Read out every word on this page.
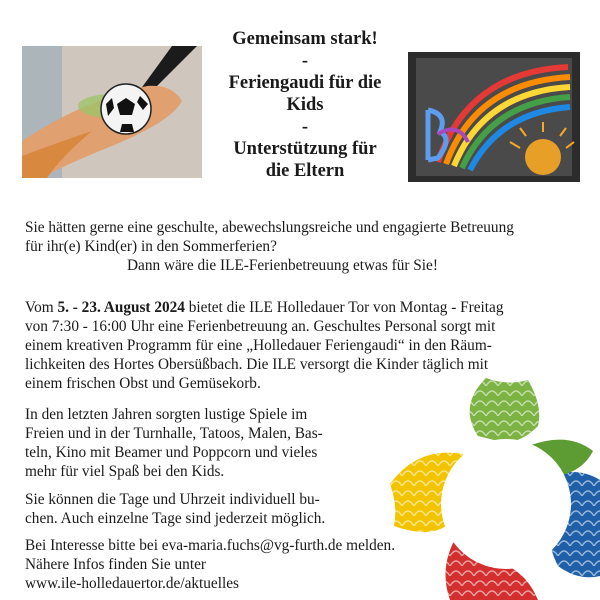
Gemeinsam stark!
-
Feriengaudi für die
Kids
-
Unterstützung für
die Eltern
Sie hätten gerne eine geschulte, abewechslungsreiche und engagierte Betreuung
für ihr(e) Kind(er) in den Sommerferien?
Dann wäre die ILE-Ferienbetreuung etwas für Sie!
Vom 5. - 23. August 2024 bietet die ILE Holledauer Tor von Montag - Freitag
von 7:30 - 16:00 Uhr eine Ferienbetreuung an. Geschultes Personal sorgt mit
einem kreativen Programm für eine „Holledauer Feriengaudi“ in den Räum-
lichkeiten des Hortes Obersüßbach. Die ILE versorgt die Kinder täglich mit
einem frischen Obst und Gemüsekorb.
In den letzten Jahren sorgten lustige Spiele im
Freien und in der Turnhalle, Tatoos, Malen, Bas-
teln, Kino mit Beamer und Poppcorn und vieles
mehr für viel Spaß bei den Kids.
Sie können die Tage und Uhrzeit individuell bu-
chen. Auch einzelne Tage sind jederzeit möglich.
Bei Interesse bitte bei eva-maria.fuchs@vg-furth.de melden.
Nähere Infos finden Sie unter
www.ile-holledauertor.de/aktuelles
